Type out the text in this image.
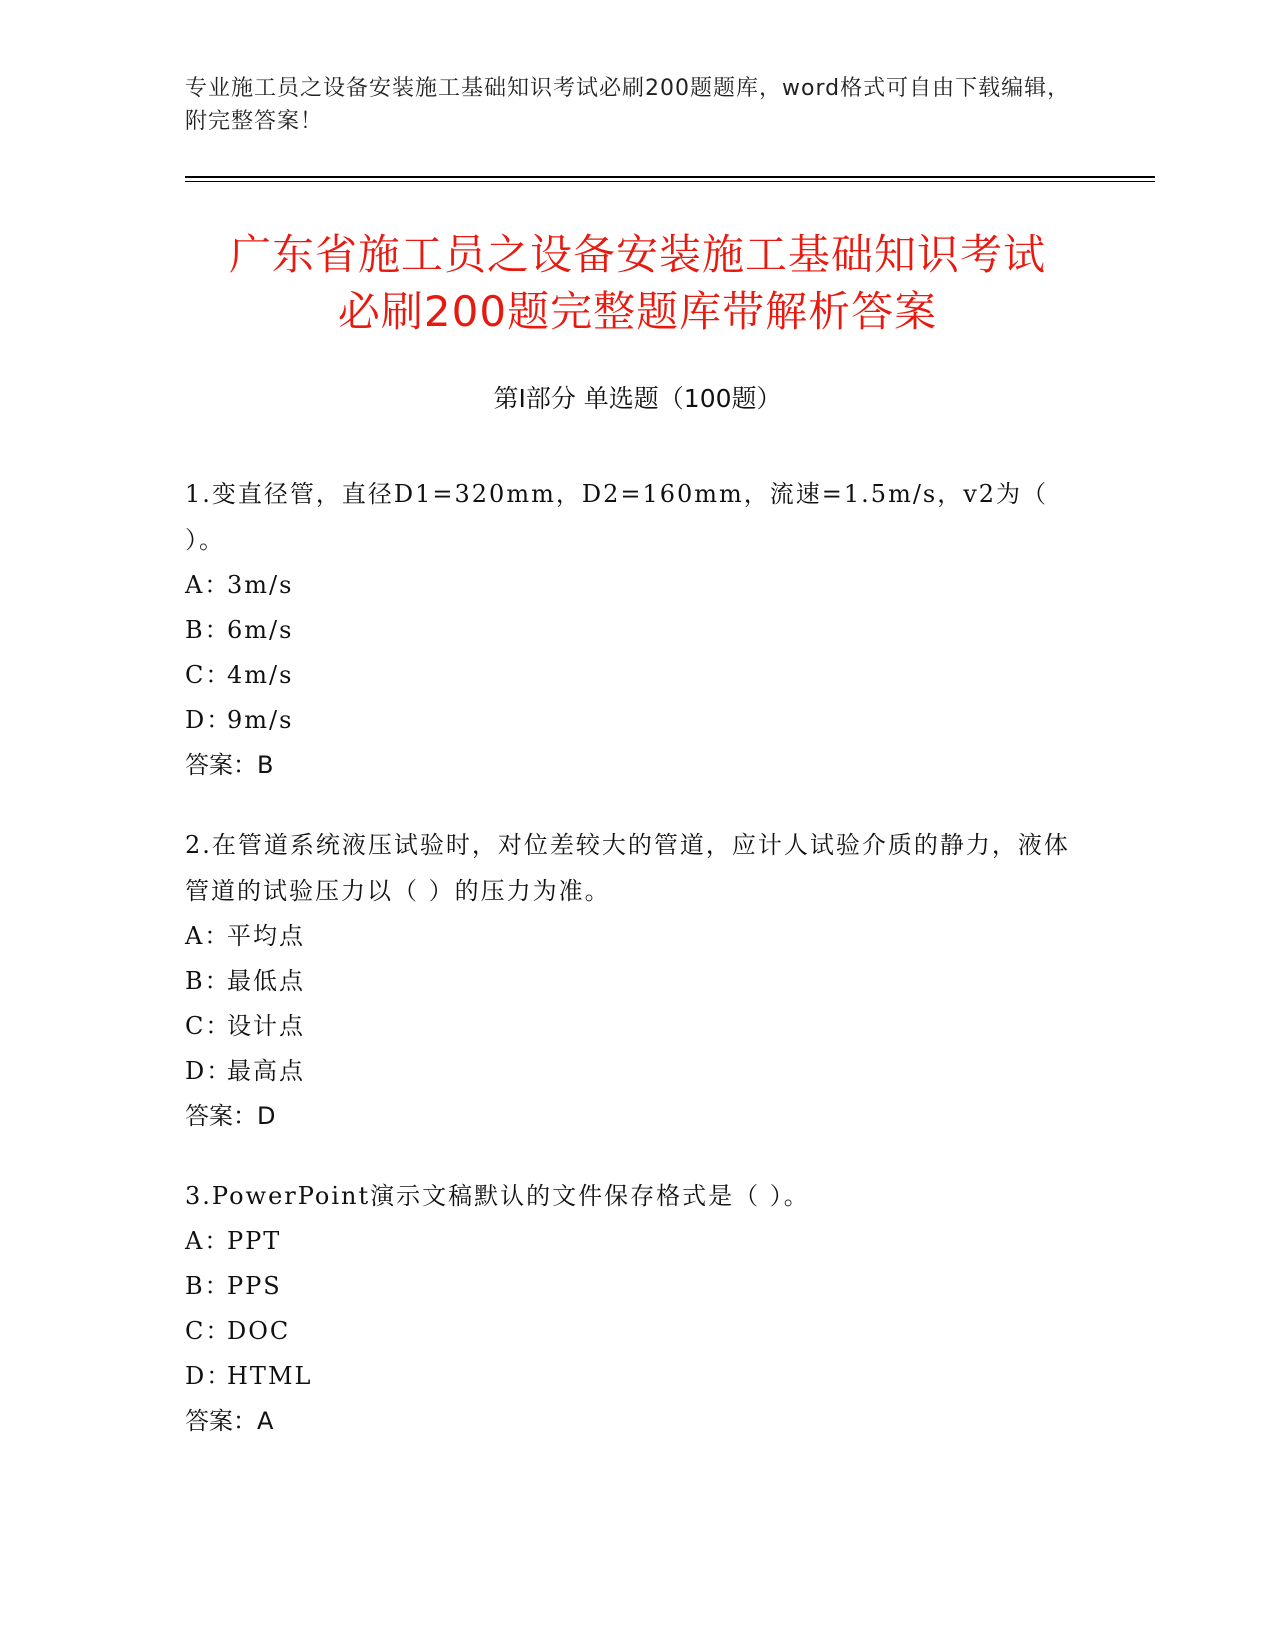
专业施工员之设备安装施工基础知识考试必刷200题题库，word格式可自由下载编辑，附完整答案！
广东省施工员之设备安装施工基础知识考试
必刷200题完整题库带解析答案
第Ⅰ部分 单选题（100题）
1.变直径管，直径D1=320mm，D2=160mm，流速=1.5m/s，v2为（ ）。
A：
3m/s
B：
6m/s
C：
4m/s
D：
9m/s
答案：B
2.在管道系统液压试验时，对位差较大的管道，应计人试验介质的静力，液体管道的试验压力以（ ）的压力为准。
A：
平均点
B：
最低点
C：
设计点
D：
最高点
答案：D
3.PowerPoint演示文稿默认的文件保存格式是（ ）。
A：
PPT
B：
PPS
C：
DOC
D：
HTML
答案：A
